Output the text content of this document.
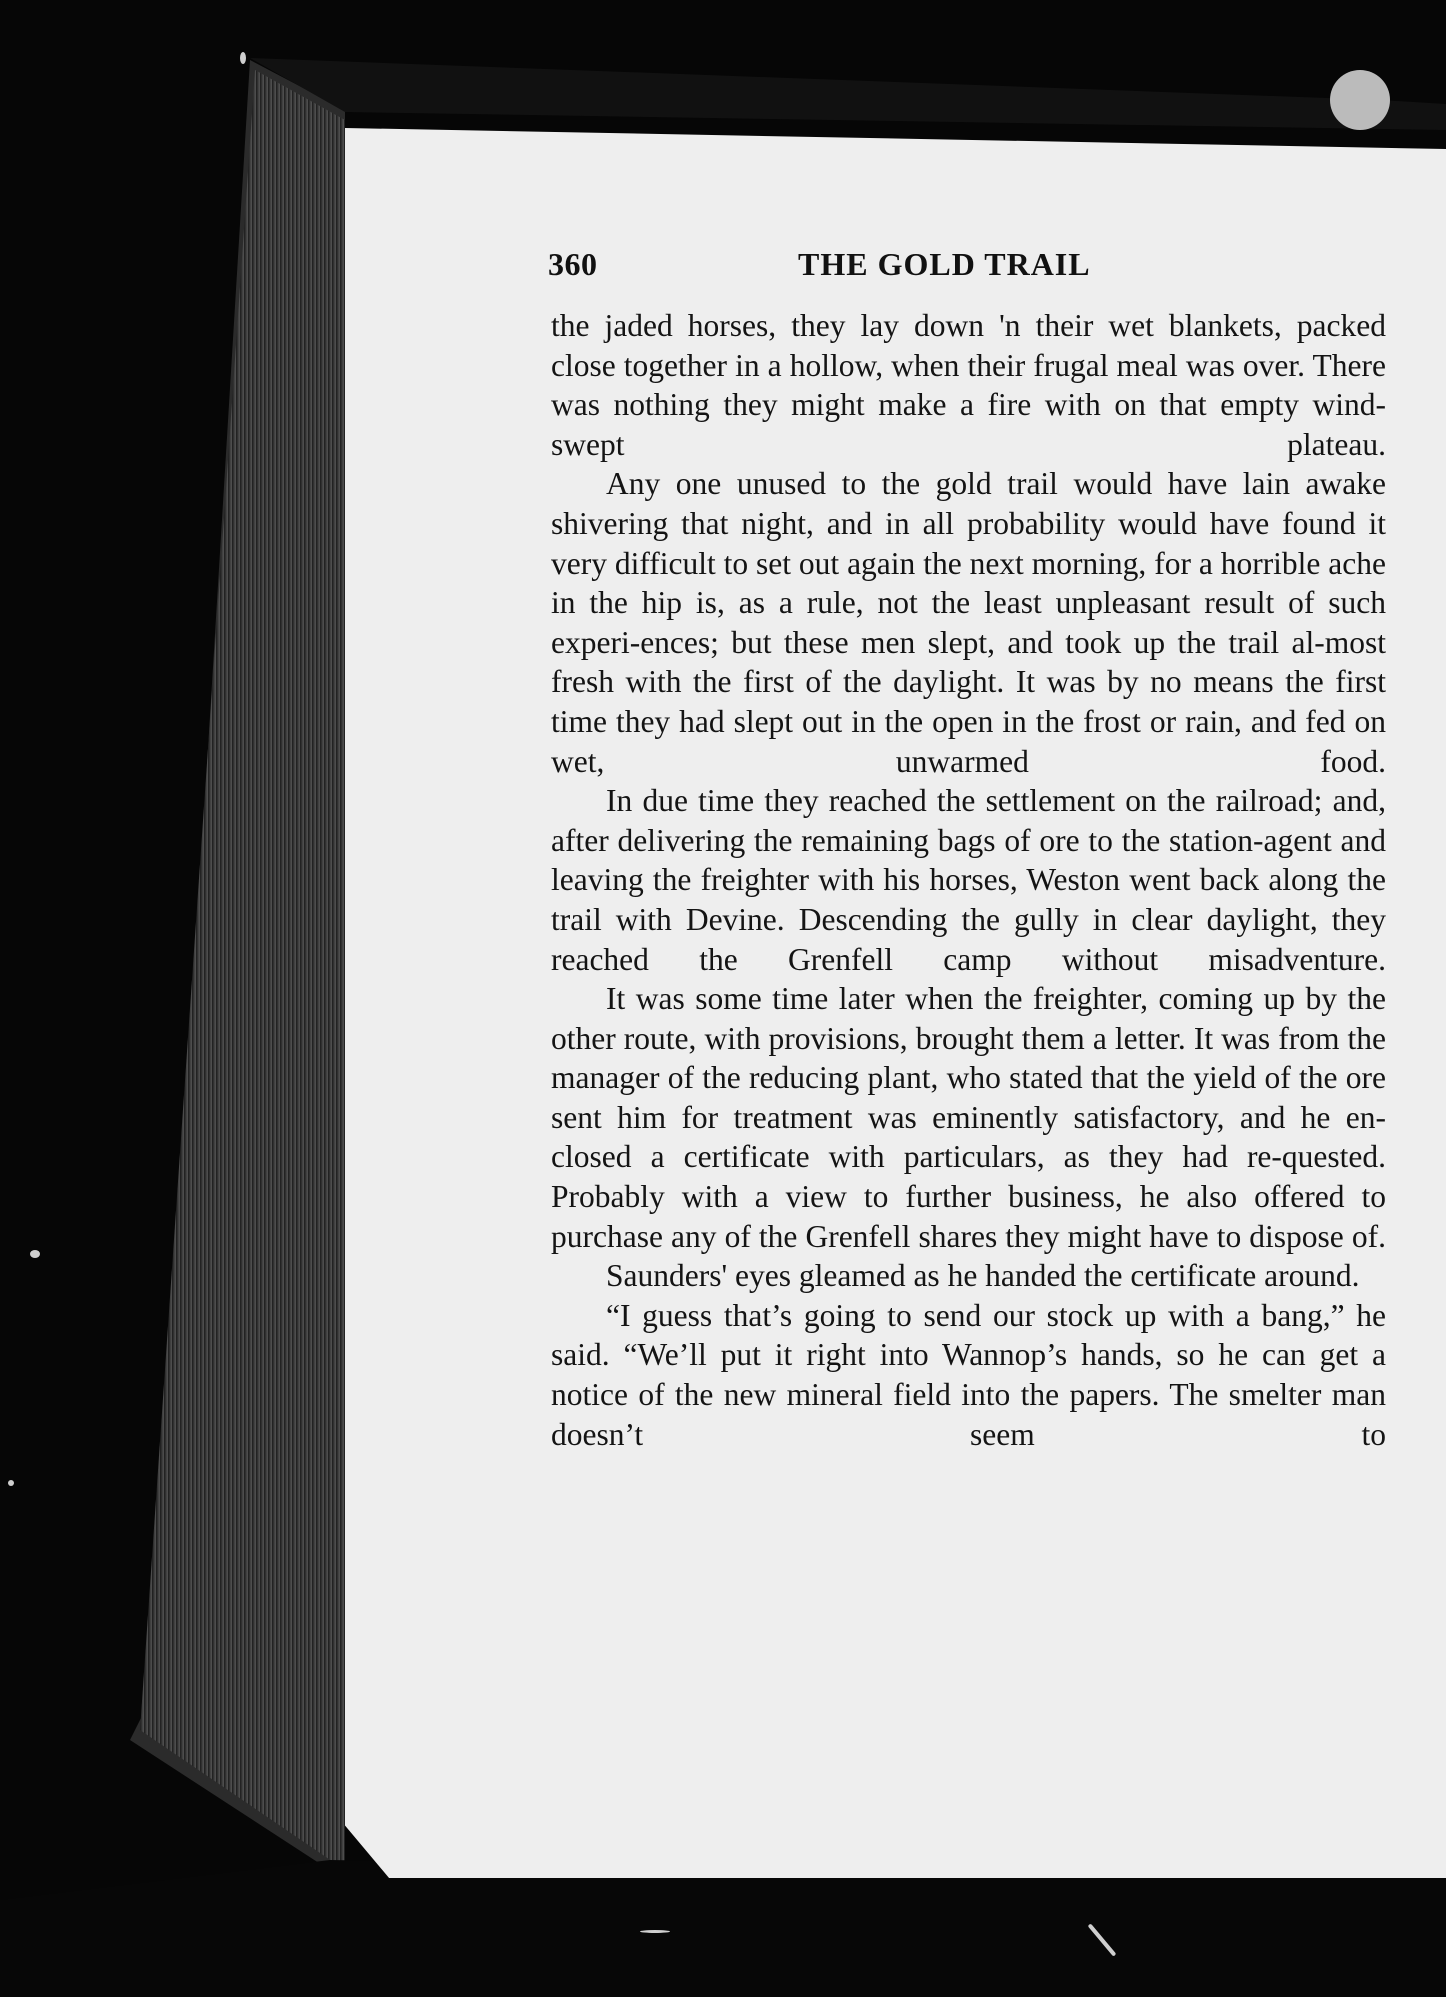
360	THE GOLD TRAIL

the jaded horses, they lay down 'n their wet blankets, packed close together in a hollow, when their frugal meal was over. There was nothing they might make a fire with on that empty wind-swept plateau.

Any one unused to the gold trail would have lain awake shivering that night, and in all probability would have found it very difficult to set out again the next morning, for a horrible ache in the hip is, as a rule, not the least unpleasant result of such experi-ences; but these men slept, and took up the trail al-most fresh with the first of the daylight. It was by no means the first time they had slept out in the open in the frost or rain, and fed on wet, unwarmed food.

In due time they reached the settlement on the railroad; and, after delivering the remaining bags of ore to the station-agent and leaving the freighter with his horses, Weston went back along the trail with Devine. Descending the gully in clear daylight, they reached the Grenfell camp without misadventure.

It was some time later when the freighter, coming up by the other route, with provisions, brought them a letter. It was from the manager of the reducing plant, who stated that the yield of the ore sent him for treatment was eminently satisfactory, and he en-closed a certificate with particulars, as they had re-quested. Probably with a view to further business, he also offered to purchase any of the Grenfell shares they might have to dispose of.

Saunders' eyes gleamed as he handed the certificate around.

“I guess that’s going to send our stock up with a bang,” he said. “We’ll put it right into Wannop’s hands, so he can get a notice of the new mineral field into the papers. The smelter man doesn’t seem to
